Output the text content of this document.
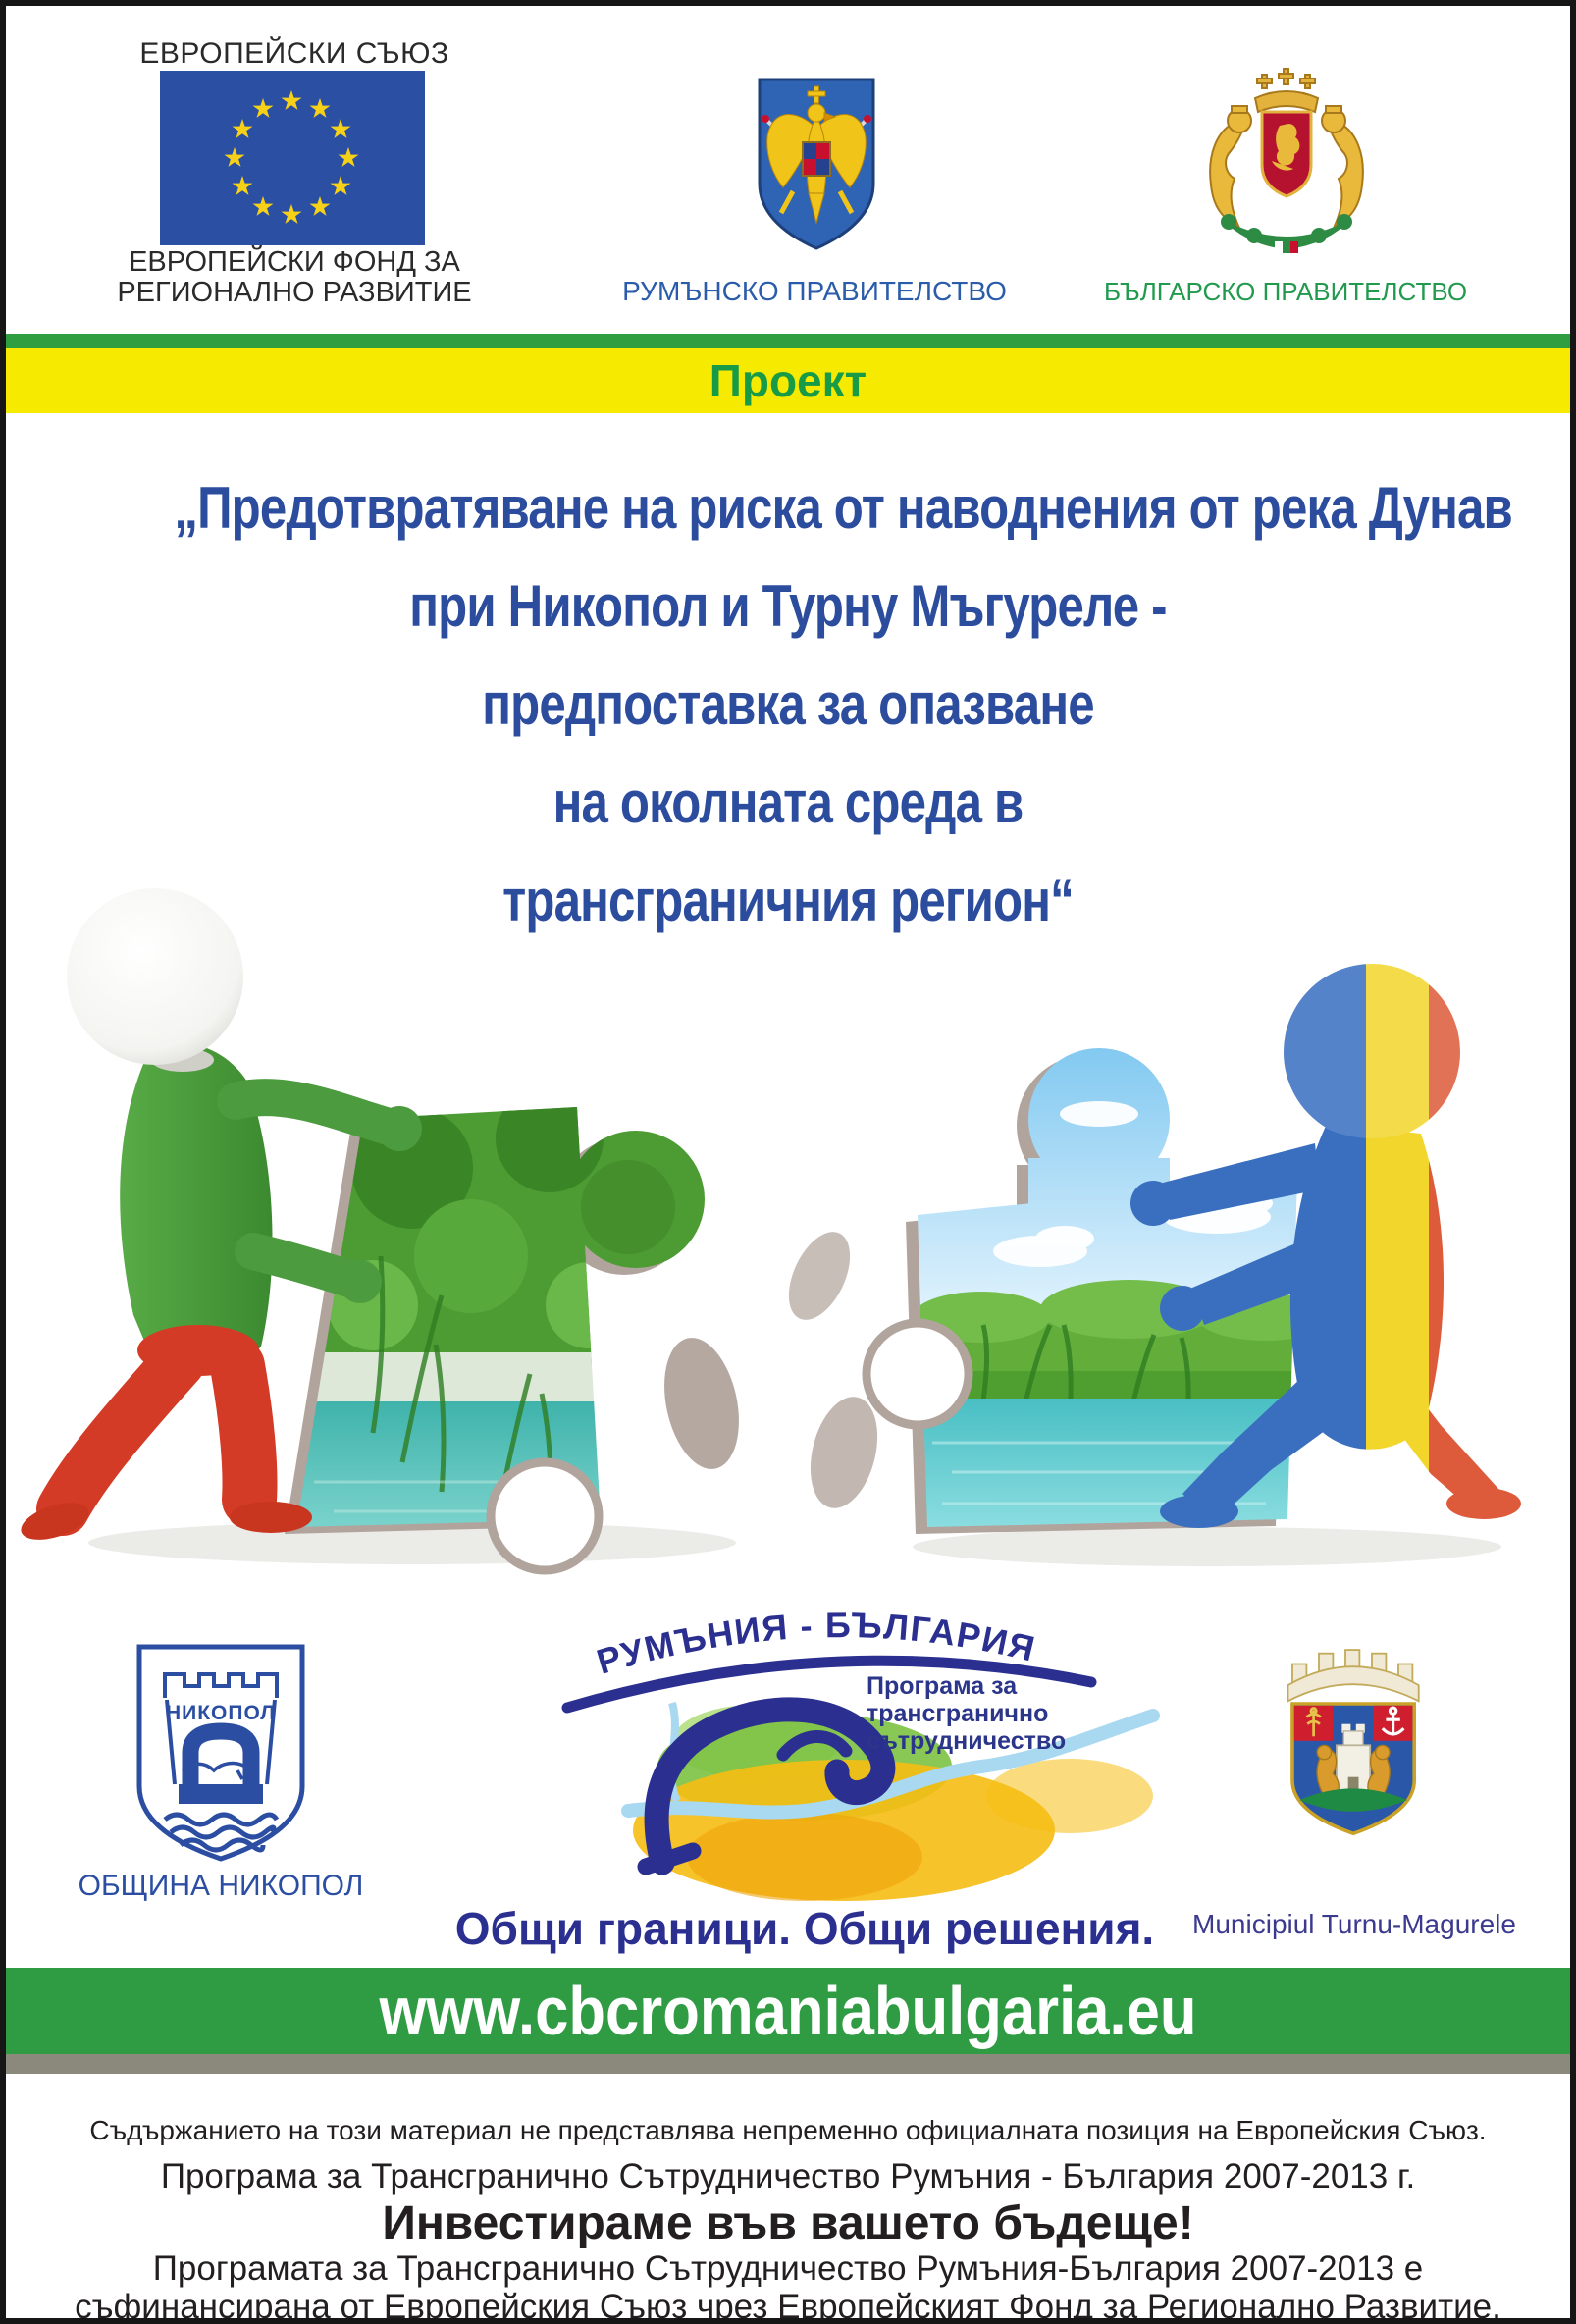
ЕВРОПЕЙСКИ СЪЮЗ
ЕВРОПЕЙСКИ ФОНД ЗА
РЕГИОНАЛНО РАЗВИТИЕ	РУМЪНСКО ПРАВИТЕЛСТВО	БЪЛГАРСКО ПРАВИТЕЛСТВО
Проект
„Предотвратяване на риска от наводнения от река Дунав
при Никопол и Турну Мъгуреле -
предпоставка за опазване
на околната среда в
трансграничния регион“
НИКОПОЛ
ОБЩИНА НИКОПОЛ
РУМЪНИЯ - БЪЛГАРИЯ
Програма за
трансгранично
сътрудничество
Общи граници. Общи решения.	Municipiul Turnu-Magurele
www.cbcromaniabulgaria.eu
Съдържанието на този материал не представлява непременно официалната позиция на Европейския Съюз.
Програма за Трансгранично Сътрудничество Румъния - България 2007-2013 г.
Инвестираме във вашето бъдеще!
Програмата за Трансгранично Сътрудничество Румъния-България 2007-2013 е
съфинансирана от Европейския Съюз чрез Европейският Фонд за Регионално Развитие.
